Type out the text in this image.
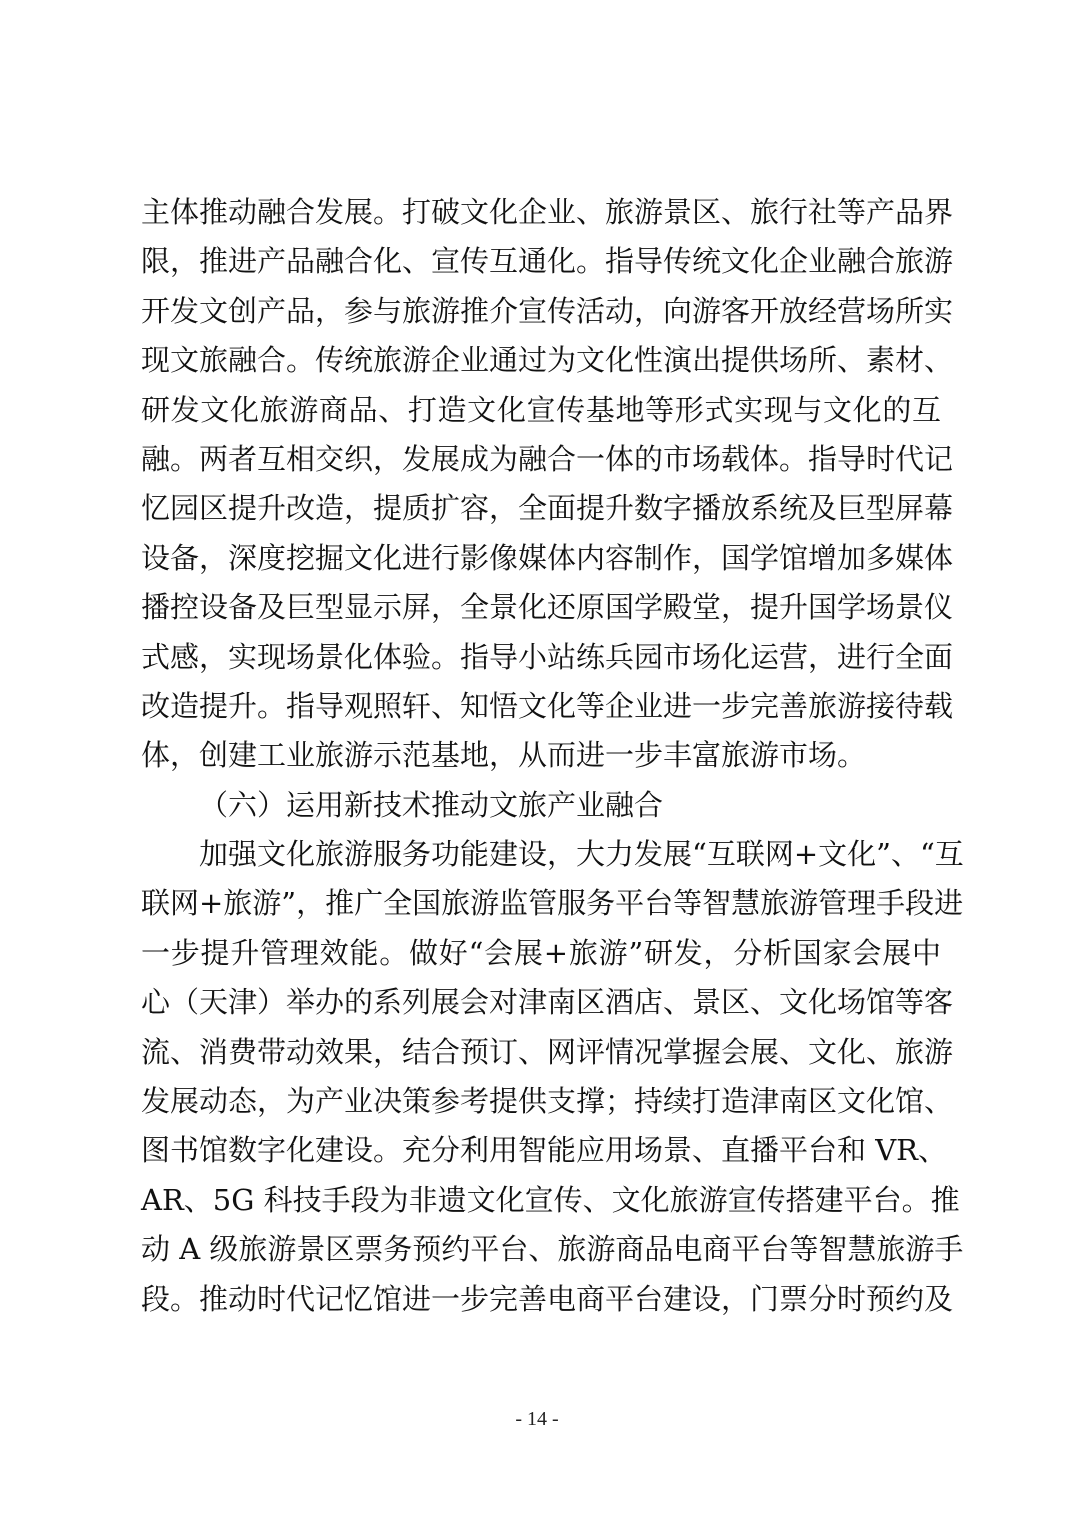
主体推动融合发展。打破文化企业、旅游景区、旅行社等产品界
限，推进产品融合化、宣传互通化。指导传统文化企业融合旅游
开发文创产品，参与旅游推介宣传活动，向游客开放经营场所实
现文旅融合。传统旅游企业通过为文化性演出提供场所、素材、
研发文化旅游商品、打造文化宣传基地等形式实现与文化的互
融。两者互相交织，发展成为融合一体的市场载体。指导时代记
忆园区提升改造，提质扩容，全面提升数字播放系统及巨型屏幕
设备，深度挖掘文化进行影像媒体内容制作，国学馆增加多媒体
播控设备及巨型显示屏，全景化还原国学殿堂，提升国学场景仪
式感，实现场景化体验。指导小站练兵园市场化运营，进行全面
改造提升。指导观照轩、知悟文化等企业进一步完善旅游接待载
体，创建工业旅游示范基地，从而进一步丰富旅游市场。
（六）运用新技术推动文旅产业融合
加强文化旅游服务功能建设，大力发展“互联网+文化”、“互
联网+旅游”，推广全国旅游监管服务平台等智慧旅游管理手段进
一步提升管理效能。做好“会展+旅游”研发，分析国家会展中
心（天津）举办的系列展会对津南区酒店、景区、文化场馆等客
流、消费带动效果，结合预订、网评情况掌握会展、文化、旅游
发展动态，为产业决策参考提供支撑；持续打造津南区文化馆、
图书馆数字化建设。充分利用智能应用场景、直播平台和 VR、
AR、5G 科技手段为非遗文化宣传、文化旅游宣传搭建平台。推
动 A 级旅游景区票务预约平台、旅游商品电商平台等智慧旅游手
段。推动时代记忆馆进一步完善电商平台建设，门票分时预约及
- 14 -
